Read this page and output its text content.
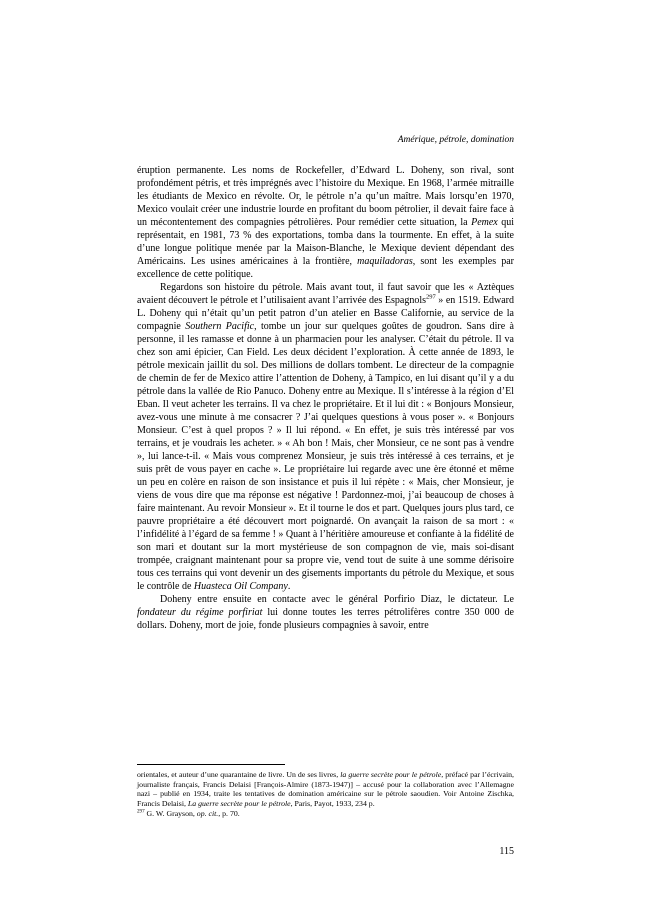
Amérique, pétrole, domination

éruption permanente. Les noms de Rockefeller, d’Edward L. Doheny, son rival, sont profondément pétris, et très imprégnés avec l’histoire du Mexique. En 1968, l’armée mitraille les étudiants de Mexico en révolte. Or, le pétrole n’a qu’un maître. Mais lorsqu’en 1970, Mexico voulait créer une industrie lourde en profitant du boom pétrolier, il devait faire face à un mécontentement des compagnies pétrolières. Pour remédier cette situation, la Pemex qui représentait, en 1981, 73 % des exportations, tomba dans la tourmente. En effet, à la suite d’une longue politique menée par la Maison-Blanche, le Mexique devient dépendant des Américains. Les usines américaines à la frontière, maquiladoras, sont les exemples par excellence de cette politique.

Regardons son histoire du pétrole. Mais avant tout, il faut savoir que les « Aztèques avaient découvert le pétrole et l’utilisaient avant l’arrivée des Espagnols$^{297}$ » en 1519. Edward L. Doheny qui n’était qu’un petit patron d’un atelier en Basse Californie, au service de la compagnie Southern Pacific, tombe un jour sur quelques goûtes de goudron. Sans dire à personne, il les ramasse et donne à un pharmacien pour les analyser. C’était du pétrole. Il va chez son ami épicier, Can Field. Les deux décident l’exploration. À cette année de 1893, le pétrole mexicain jaillit du sol. Des millions de dollars tombent. Le directeur de la compagnie de chemin de fer de Mexico attire l’attention de Doheny, à Tampico, en lui disant qu’il y a du pétrole dans la vallée de Rio Panuco. Doheny entre au Mexique. Il s’intéresse à la région d’El Eban. Il veut acheter les terrains. Il va chez le propriétaire. Et il lui dit : « Bonjours Monsieur, avez-vous une minute à me consacrer ? J’ai quelques questions à vous poser ». « Bonjours Monsieur. C’est à quel propos ? » Il lui répond. « En effet, je suis très intéressé par vos terrains, et je voudrais les acheter. » « Ah bon ! Mais, cher Monsieur, ce ne sont pas à vendre », lui lance-t-il. « Mais vous comprenez Monsieur, je suis très intéressé à ces terrains, et je suis prêt de vous payer en cache ». Le propriétaire lui regarde avec une ère étonné et même un peu en colère en raison de son insistance et puis il lui répète : « Mais, cher Monsieur, je viens de vous dire que ma réponse est négative ! Pardonnez-moi, j’ai beaucoup de choses à faire maintenant. Au revoir Monsieur ». Et il tourne le dos et part. Quelques jours plus tard, ce pauvre propriétaire a été découvert mort poignardé. On avançait la raison de sa mort : « l’infidélité à l’égard de sa femme ! » Quant à l’héritière amoureuse et confiante à la fidélité de son mari et doutant sur la mort mystérieuse de son compagnon de vie, mais soi-disant trompée, craignant maintenant pour sa propre vie, vend tout de suite à une somme dérisoire tous ces terrains qui vont devenir un des gisements importants du pétrole du Mexique, et sous le contrôle de Huasteca Oil Company.

Doheny entre ensuite en contacte avec le général Porfirio Diaz, le dictateur. Le fondateur du régime porfiriat lui donne toutes les terres pétrolifères contre 350 000 de dollars. Doheny, mort de joie, fonde plusieurs compagnies à savoir, entre

orientales, et auteur d’une quarantaine de livre. Un de ses livres, la guerre secrète pour le pétrole, préfacé par l’écrivain, journaliste français, Francis Delaisi [François-Almire (1873-1947)] – accusé pour la collaboration avec l’Allemagne nazi – publié en 1934, traite les tentatives de domination américaine sur le pétrole saoudien. Voir Antoine Zischka, Francis Delaisi, La guerre secrète pour le pétrole, Paris, Payot, 1933, 234 p.

$^{297}$ G. W. Grayson, op. cit., p. 70.

115
